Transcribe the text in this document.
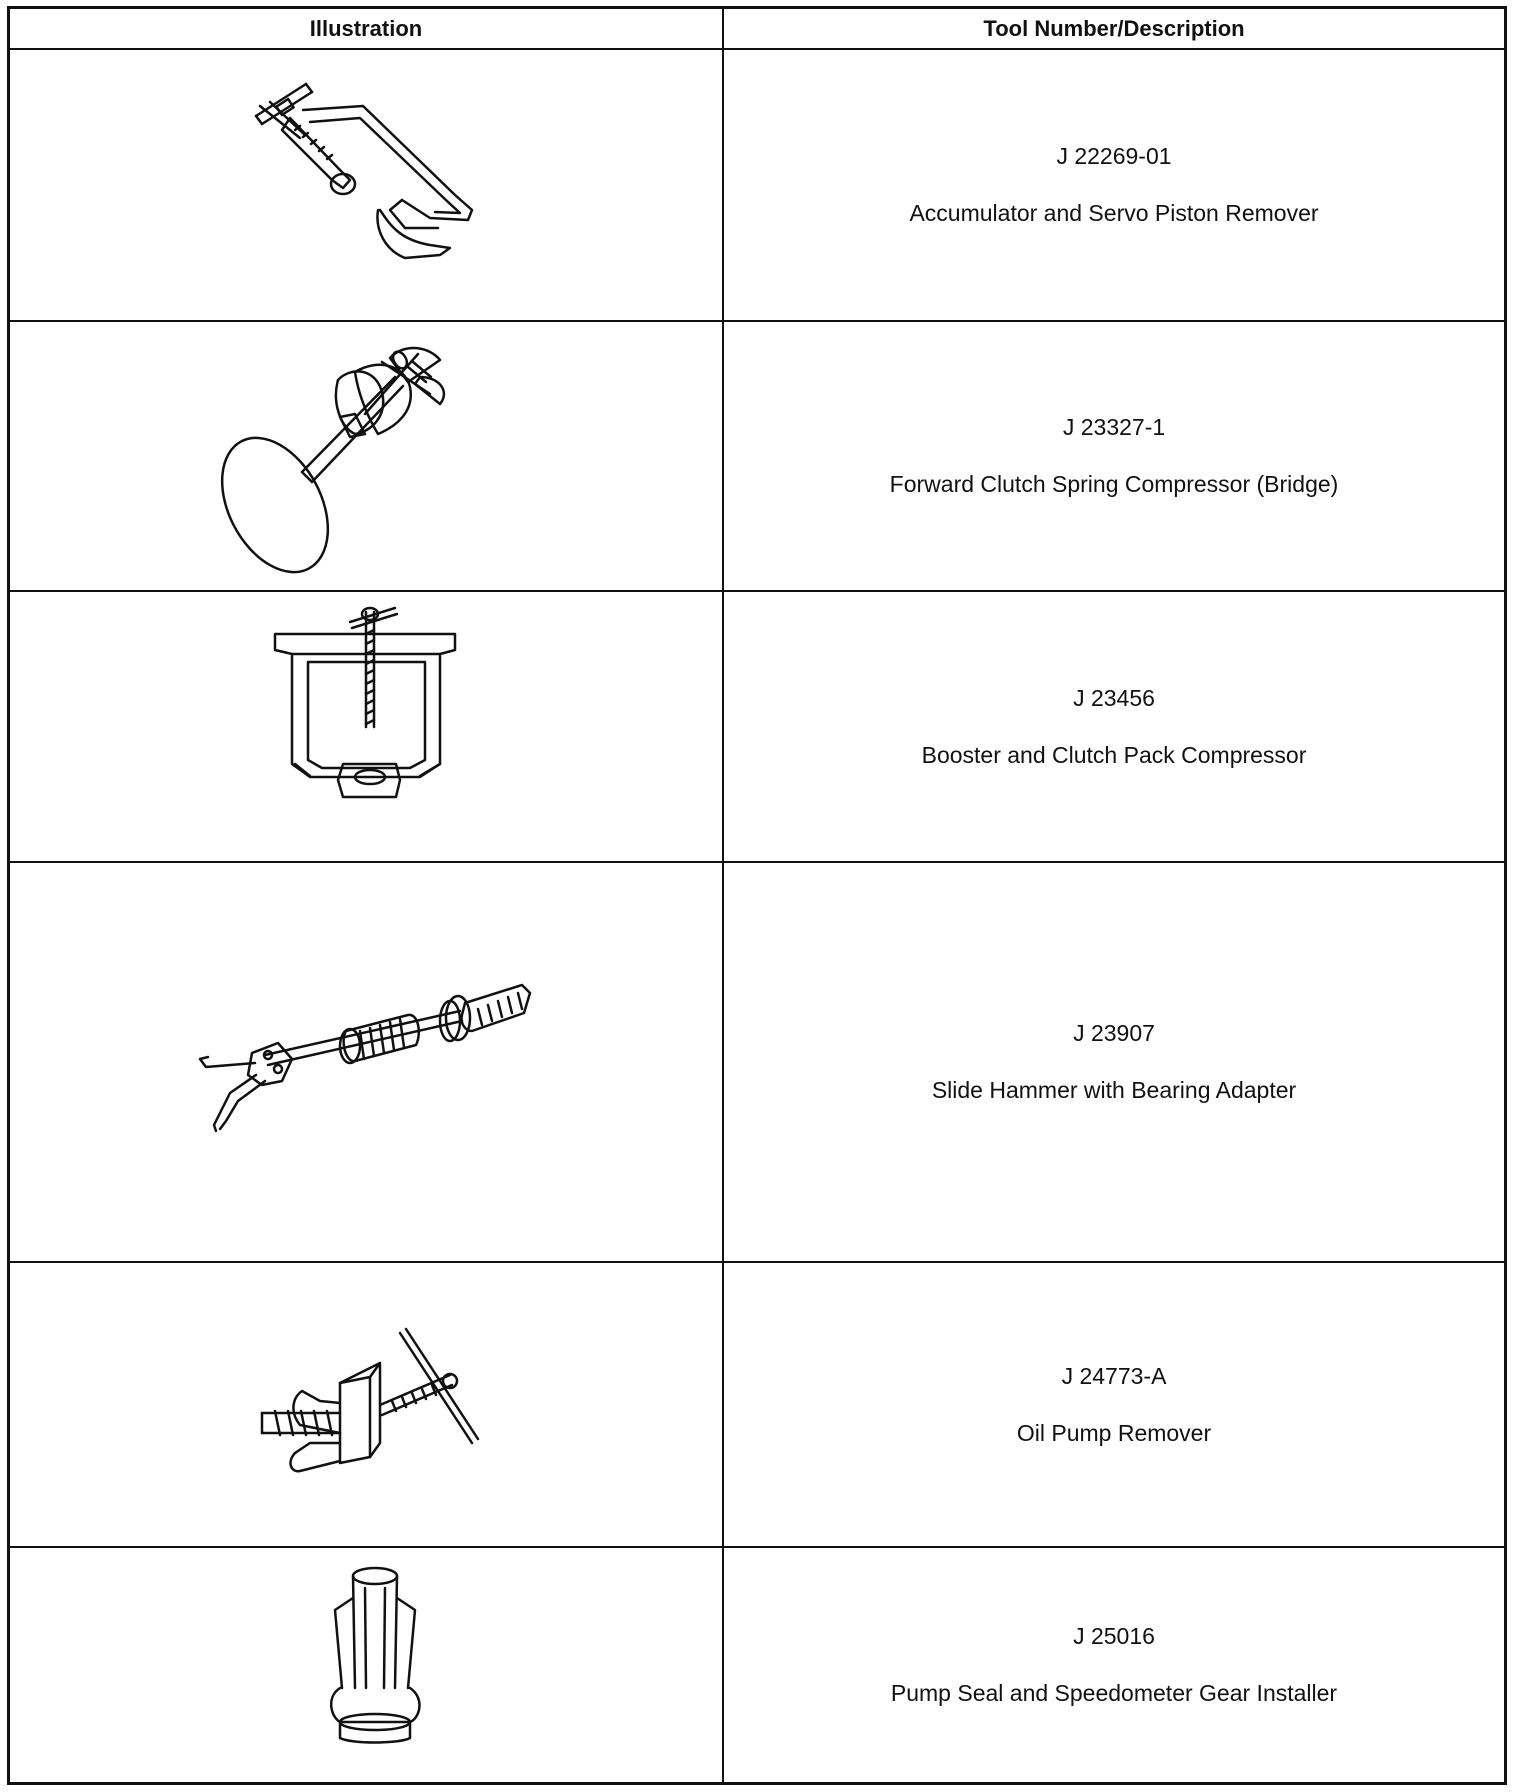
Illustration	Tool Number/Description
J 22269-01
Accumulator and Servo Piston Remover
J 23327-1
Forward Clutch Spring Compressor (Bridge)
J 23456
Booster and Clutch Pack Compressor
J 23907
Slide Hammer with Bearing Adapter
J 24773-A
Oil Pump Remover
J 25016
Pump Seal and Speedometer Gear Installer
